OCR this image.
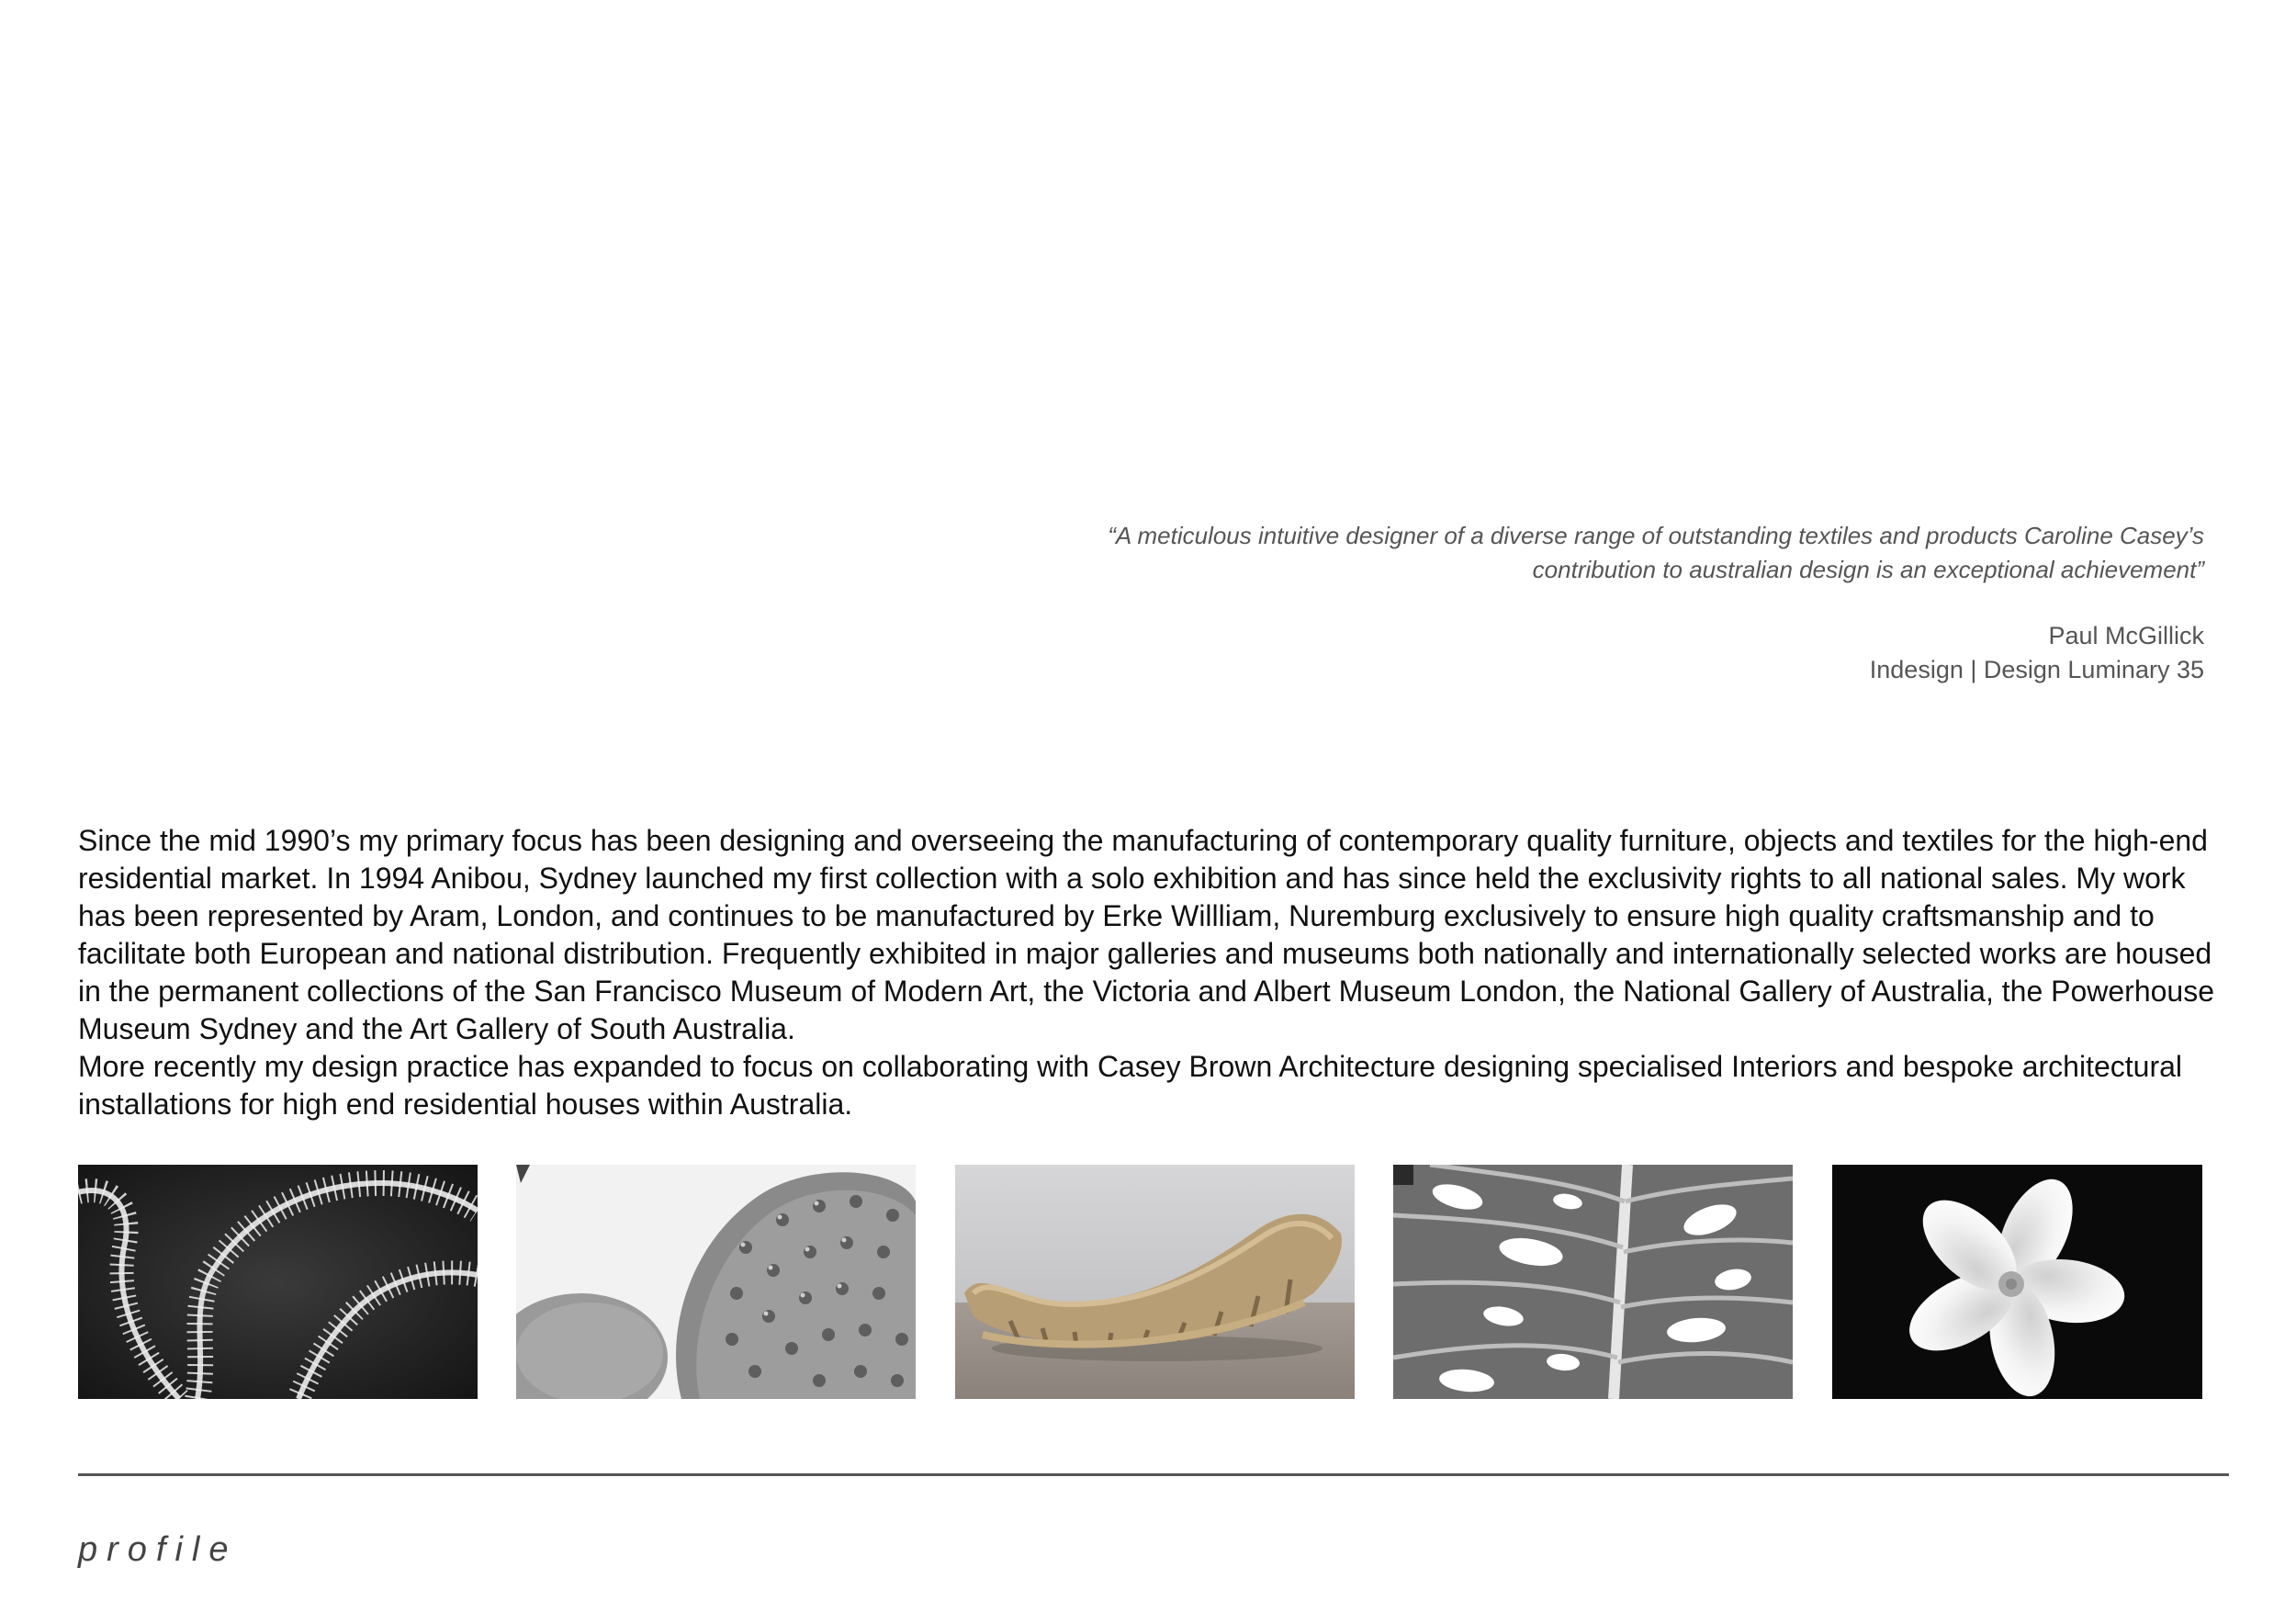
“A meticulous intuitive designer of a diverse range of outstanding textiles and products Caroline Casey’s
contribution to australian design is an exceptional achievement”

Paul McGillick
Indesign | Design Luminary 35

Since the mid 1990’s my primary focus has been designing and overseeing the manufacturing of contemporary quality furniture, objects and textiles for the high-end residential market. In 1994 Anibou, Sydney launched my first collection with a solo exhibition and has since held the exclusivity rights to all national sales. My work has been represented by Aram, London, and continues to be manufactured by Erke Willliam, Nuremburg exclusively to ensure high quality craftsmanship and to facilitate both European and national distribution. Frequently exhibited in major galleries and museums both nationally and internationally selected works are housed in the permanent collections of the San Francisco Museum of Modern Art, the Victoria and Albert Museum London, the National Gallery of Australia, the Powerhouse Museum Sydney and the Art Gallery of South Australia.

More recently my design practice has expanded to focus on collaborating with Casey Brown Architecture designing specialised Interiors and bespoke architectural installations for high end residential houses within Australia.

profile
